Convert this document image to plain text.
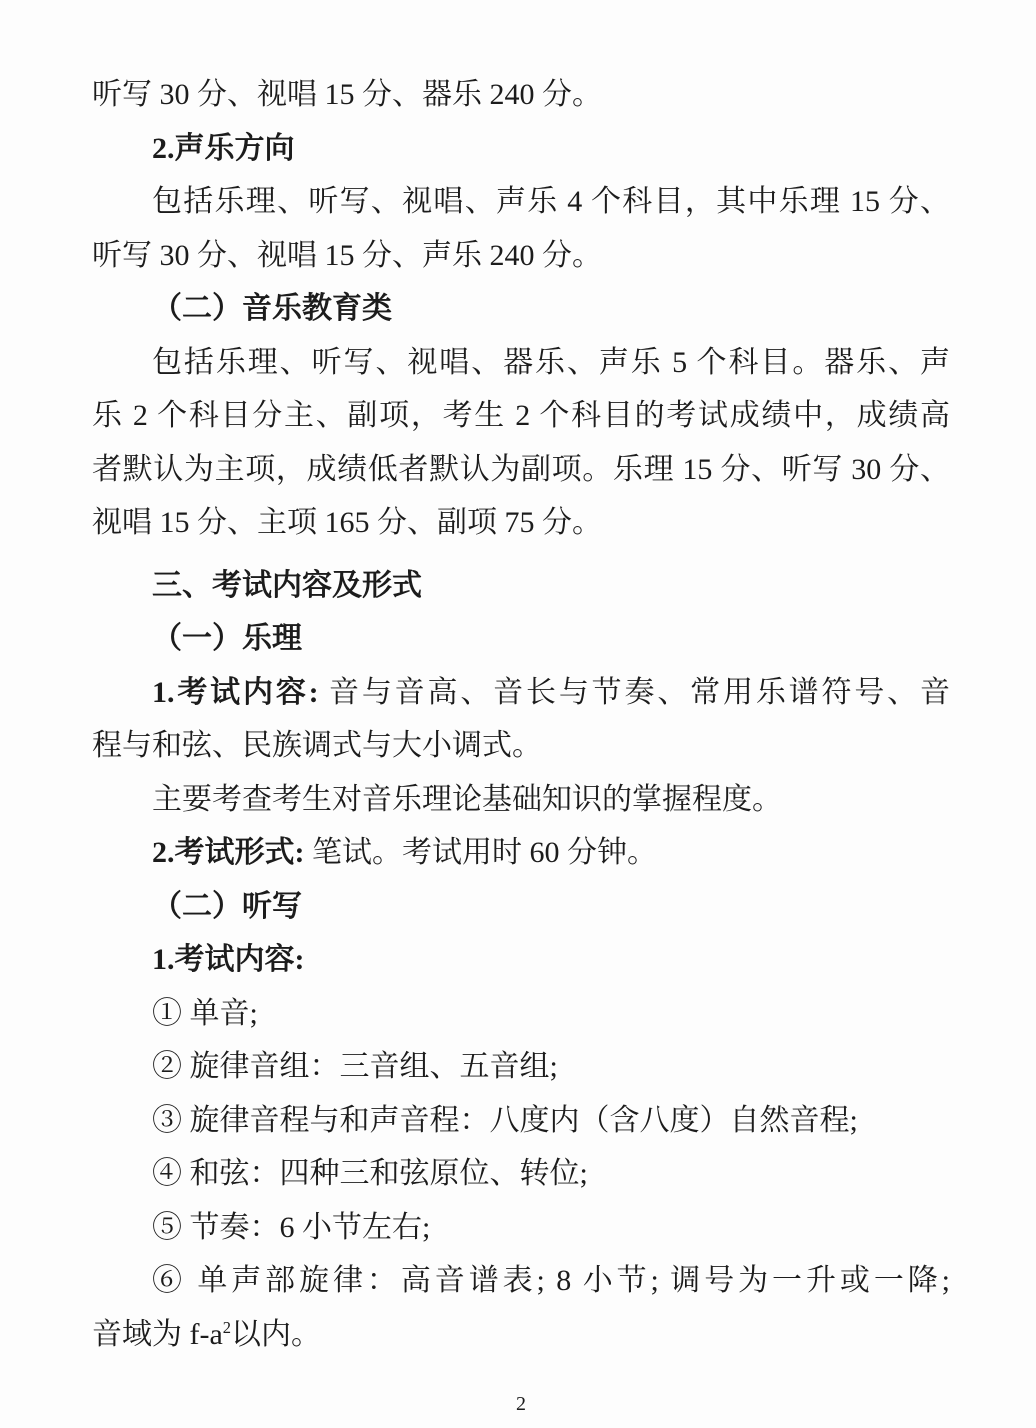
听写 30 分、视唱 15 分、器乐 240 分。
2.声乐方向
包括乐理、听写、视唱、声乐 4 个科目，其中乐理 15 分、
听写 30 分、视唱 15 分、声乐 240 分。
（二）音乐教育类
包括乐理、听写、视唱、器乐、声乐 5 个科目。器乐、声
乐 2 个科目分主、副项，考生 2 个科目的考试成绩中，成绩高
者默认为主项，成绩低者默认为副项。乐理 15 分、听写 30 分、
视唱 15 分、主项 165 分、副项 75 分。
三、考试内容及形式
（一）乐理
1.考试内容: 音与音高、音长与节奏、常用乐谱符号、音
程与和弦、民族调式与大小调式。
主要考查考生对音乐理论基础知识的掌握程度。
2.考试形式: 笔试。考试用时 60 分钟。
（二）听写
1.考试内容:
① 单音;
② 旋律音组：三音组、五音组;
③ 旋律音程与和声音程：八度内（含八度）自然音程;
④ 和弦：四种三和弦原位、转位;
⑤ 节奏：6 小节左右;
⑥ 单声部旋律：高音谱表; 8 小节; 调号为一升或一降;
音域为 $f-a^2$以内。
2
